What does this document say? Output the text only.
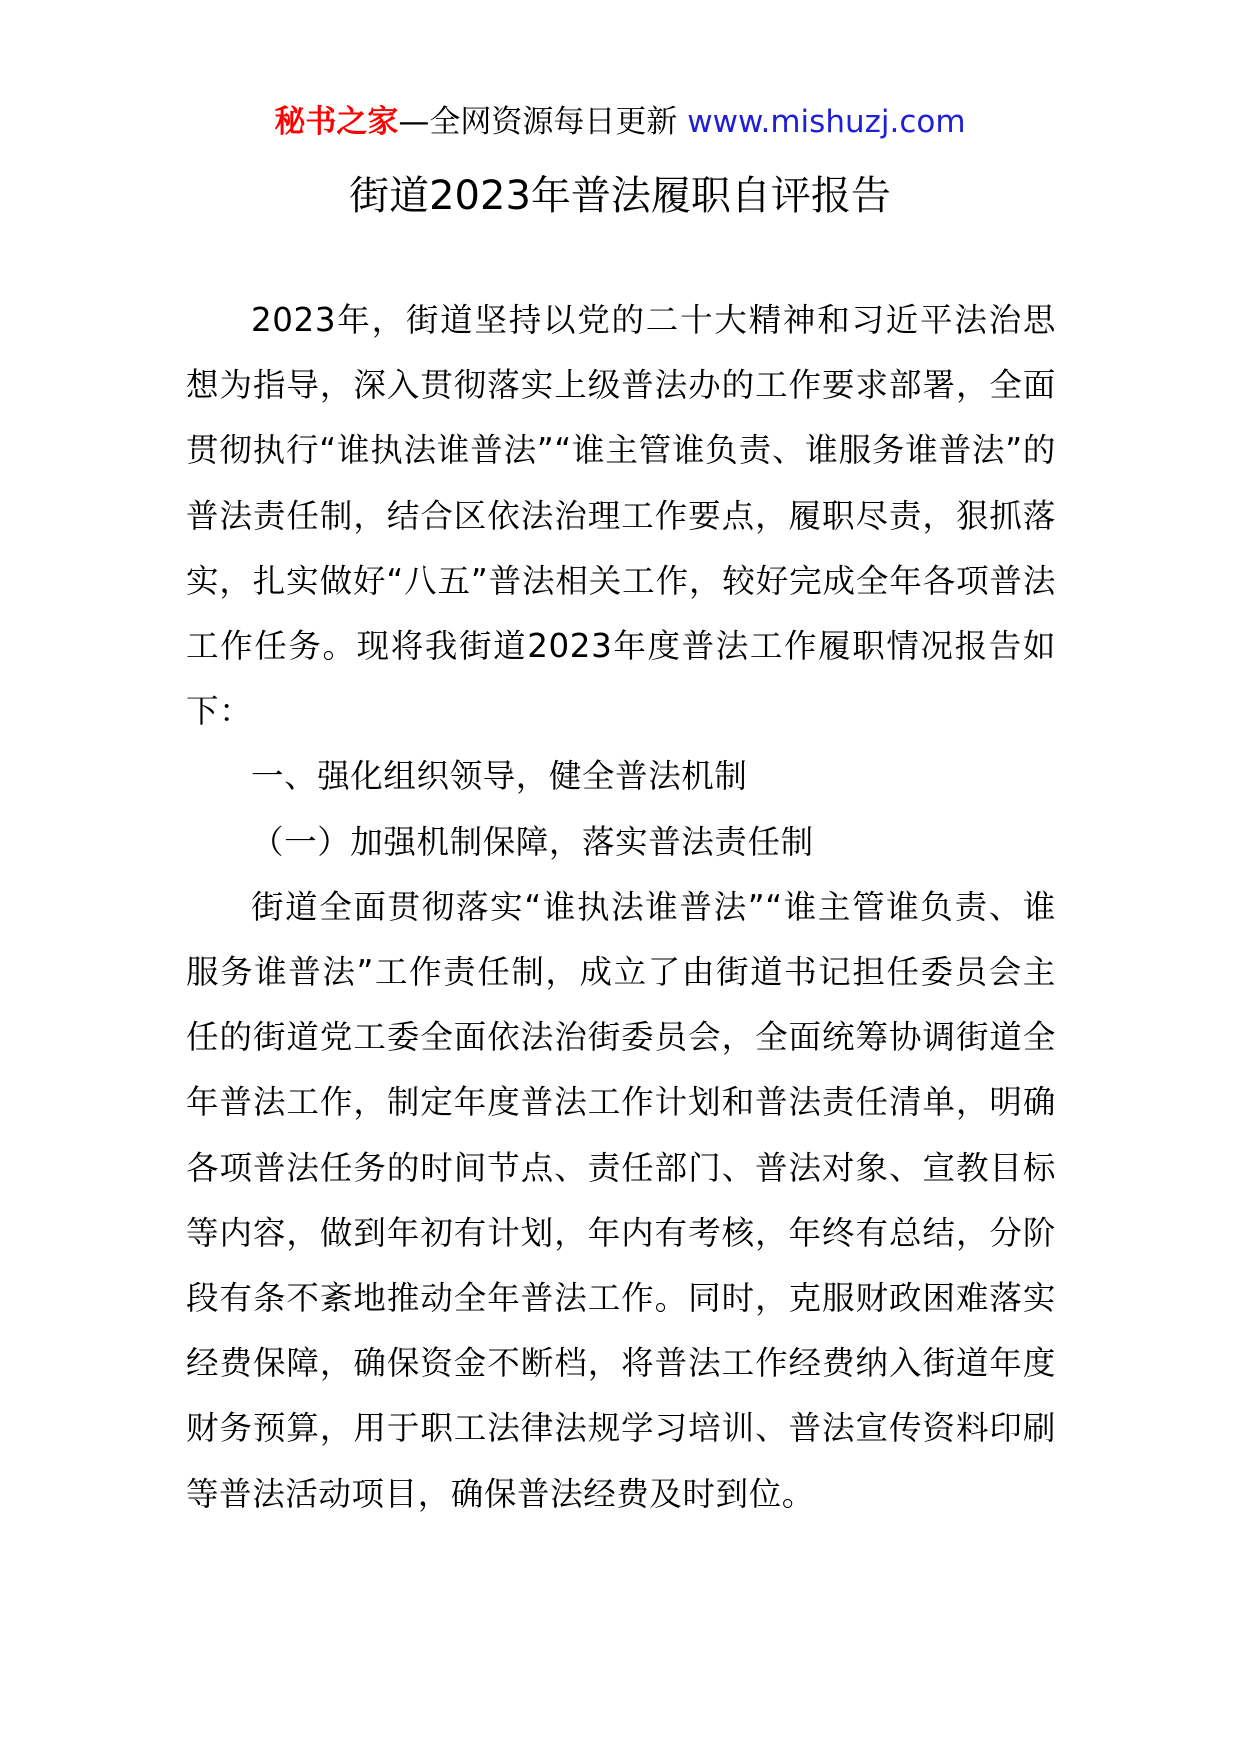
秘书之家—全网资源每日更新 www.mishuzj.com
街道2023年普法履职自评报告

2023年，街道坚持以党的二十大精神和习近平法治思想为指导，深入贯彻落实上级普法办的工作要求部署，全面贯彻执行“谁执法谁普法”“谁主管谁负责、谁服务谁普法”的普法责任制，结合区依法治理工作要点，履职尽责，狠抓落实，扎实做好“八五”普法相关工作，较好完成全年各项普法工作任务。现将我街道2023年度普法工作履职情况报告如下：

一、强化组织领导，健全普法机制

（一）加强机制保障，落实普法责任制

街道全面贯彻落实“谁执法谁普法”“谁主管谁负责、谁服务谁普法”工作责任制，成立了由街道书记担任委员会主任的街道党工委全面依法治街委员会，全面统筹协调街道全年普法工作，制定年度普法工作计划和普法责任清单，明确各项普法任务的时间节点、责任部门、普法对象、宣教目标等内容，做到年初有计划，年内有考核，年终有总结，分阶段有条不紊地推动全年普法工作。同时，克服财政困难落实经费保障，确保资金不断档，将普法工作经费纳入街道年度财务预算，用于职工法律法规学习培训、普法宣传资料印刷等普法活动项目，确保普法经费及时到位。
